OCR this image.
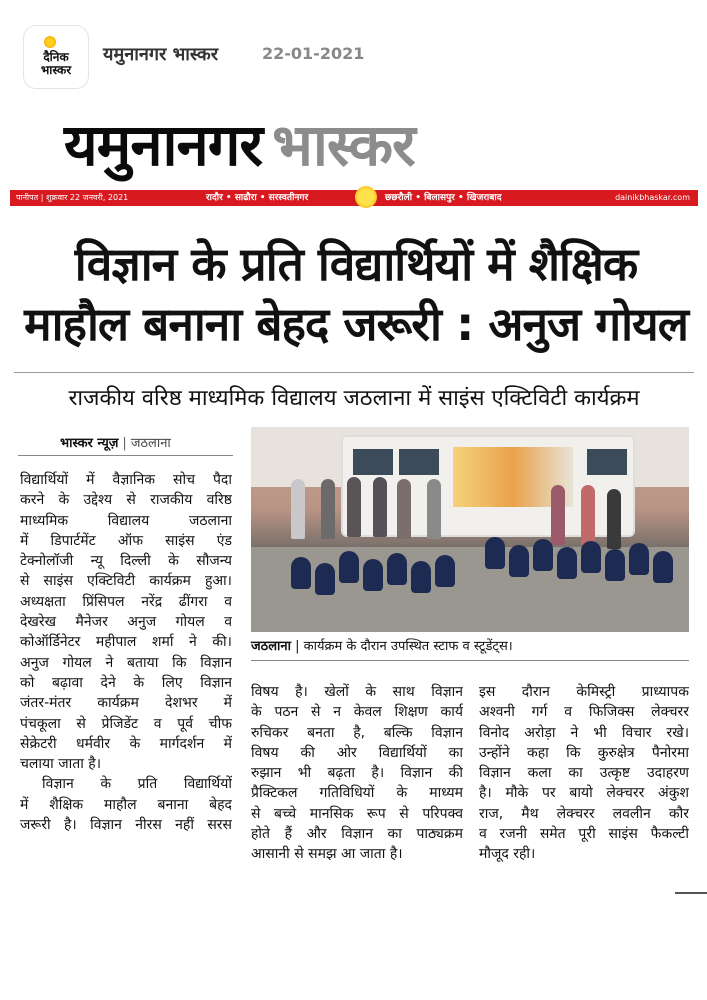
दैनिक
भास्कर
यमुनानगर भास्कर	22-01-2021
यमुनानगर भास्कर
पानीपत | शुक्रवार 22 जनवरी, 2021	रादौर • साढौरा • सरस्वतीनगर	छछरौली • बिलासपुर • खिजराबाद	dainikbhaskar.com
विज्ञान के प्रति विद्यार्थियों में शैक्षिक
माहौल बनाना बेहद जरूरी : अनुज गोयल
राजकीय वरिष्ठ माध्यमिक विद्यालय जठलाना में साइंस एक्टिविटी कार्यक्रम
भास्कर न्यूज़ | जठलाना
जठलाना | कार्यक्रम के दौरान उपस्थित स्टाफ व स्टूडेंट्स।
विद्यार्थियों में वैज्ञानिक सोच पैदा
करने के उद्देश्य से राजकीय वरिष्ठ
माध्यमिक विद्यालय जठलाना
में डिपार्टमेंट ऑफ साइंस एंड
टेक्नोलॉजी न्यू दिल्ली के सौजन्य
से साइंस एक्टिविटी कार्यक्रम हुआ।
अध्यक्षता प्रिंसिपल नरेंद्र ढींगरा व
देखरेख मैनेजर अनुज गोयल व
कोऑर्डिनेटर महीपाल शर्मा ने की।
अनुज गोयल ने बताया कि विज्ञान
को बढ़ावा देने के लिए विज्ञान
जंतर-मंतर कार्यक्रम देशभर में
पंचकूला से प्रेजिडेंट व पूर्व चीफ
सेक्रेटरी धर्मवीर के मार्गदर्शन में
चलाया जाता है।
विज्ञान के प्रति विद्यार्थियों
में शैक्षिक माहौल बनाना बेहद
जरूरी है। विज्ञान नीरस नहीं सरस
विषय है। खेलों के साथ विज्ञान
के पठन से न केवल शिक्षण कार्य
रुचिकर बनता है, बल्कि विज्ञान
विषय की ओर विद्यार्थियों का
रुझान भी बढ़ता है। विज्ञान की
प्रैक्टिकल गतिविधियों के माध्यम
से बच्चे मानसिक रूप से परिपक्व
होते हैं और विज्ञान का पाठ्यक्रम
आसानी से समझ आ जाता है।
इस दौरान केमिस्ट्री प्राध्यापक
अश्वनी गर्ग व फिजिक्स लेक्चरर
विनोद अरोड़ा ने भी विचार रखे।
उन्होंने कहा कि कुरुक्षेत्र पैनोरमा
विज्ञान कला का उत्कृष्ट उदाहरण
है। मौके पर बायो लेक्चरर अंकुश
राज, मैथ लेक्चरर लवलीन कौर
व रजनी समेत पूरी साइंस फैकल्टी
मौजूद रही।
